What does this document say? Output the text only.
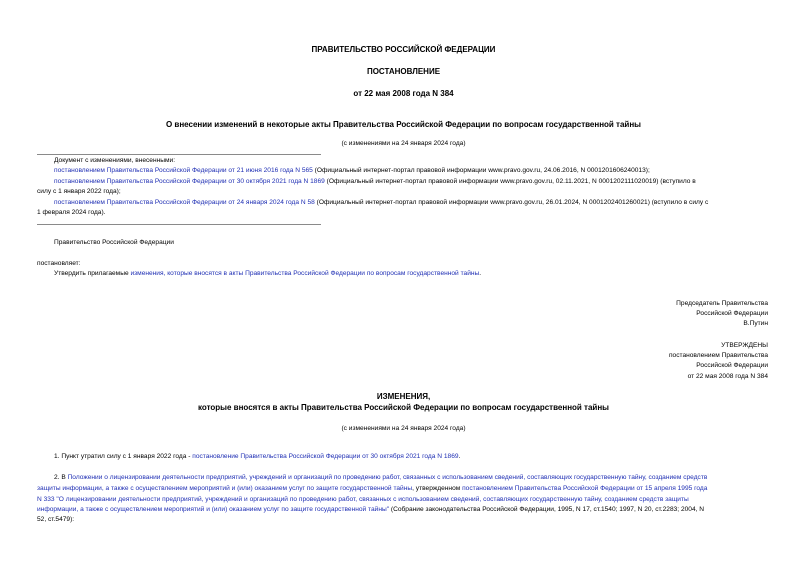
ПРАВИТЕЛЬСТВО РОССИЙСКОЙ ФЕДЕРАЦИИ
ПОСТАНОВЛЕНИЕ
от 22 мая 2008 года N 384
О внесении изменений в некоторые акты Правительства Российской Федерации по вопросам государственной тайны
(с изменениями на 24 января 2024 года)
Документ с изменениями, внесенными:
постановлением Правительства Российской Федерации от 21 июня 2016 года N 565 (Официальный интернет-портал правовой информации www.pravo.gov.ru, 24.06.2016, N 0001201606240013);
постановлением Правительства Российской Федерации от 30 октября 2021 года N 1869 (Официальный интернет-портал правовой информации www.pravo.gov.ru, 02.11.2021, N 0001202111020019) (вступило в
силу с 1 января 2022 года);
постановлением Правительства Российской Федерации от 24 января 2024 года N 58 (Официальный интернет-портал правовой информации www.pravo.gov.ru, 26.01.2024, N 0001202401260021) (вступило в силу с
1 февраля 2024 года).
Правительство Российской Федерации
постановляет:
Утвердить прилагаемые изменения, которые вносятся в акты Правительства Российской Федерации по вопросам государственной тайны.
Председатель Правительства
Российской Федерации
В.Путин
УТВЕРЖДЕНЫ
постановлением Правительства
Российской Федерации
от 22 мая 2008 года N 384
ИЗМЕНЕНИЯ,
которые вносятся в акты Правительства Российской Федерации по вопросам государственной тайны
(с изменениями на 24 января 2024 года)
1. Пункт утратил силу с 1 января 2022 года - постановление Правительства Российской Федерации от 30 октября 2021 года N 1869.
2. В Положении о лицензировании деятельности предприятий, учреждений и организаций по проведению работ, связанных с использованием сведений, составляющих государственную тайну, созданием средств
защиты информации, а также с осуществлением мероприятий и (или) оказанием услуг по защите государственной тайны, утвержденном постановлением Правительства Российской Федерации от 15 апреля 1995 года
N 333 "О лицензировании деятельности предприятий, учреждений и организаций по проведению работ, связанных с использованием сведений, составляющих государственную тайну, созданием средств защиты
информации, а также с осуществлением мероприятий и (или) оказанием услуг по защите государственной тайны" (Собрание законодательства Российской Федерации, 1995, N 17, ст.1540; 1997, N 20, ст.2283; 2004, N
52, ст.5479):
